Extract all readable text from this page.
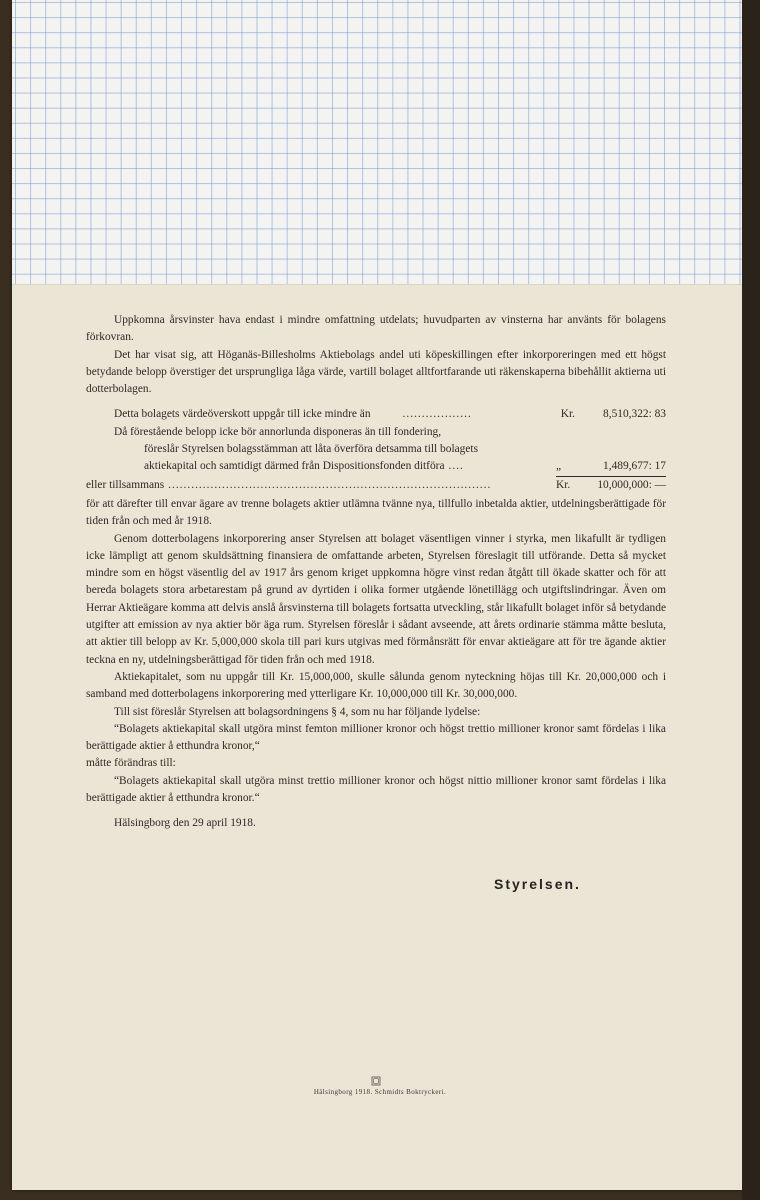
Uppkomna årsvinster hava endast i mindre omfattning utdelats; huvudparten av vinsterna har använts för bolagens förkovran.

Det har visat sig, att Höganäs-Billesholms Aktiebolags andel uti köpeskillingen efter inkorporeringen med ett högst betydande belopp överstiger det ursprungliga låga värde, vartill bolaget alltfortfarande uti räkenskaperna bibehållit aktierna uti dotterbolagen.

Detta bolagets värdeöverskott uppgår till icke mindre än	..................	Kr.	8,510,322: 83
Då förestående belopp icke bör annorlunda disponeras än till fondering,
föreslår Styrelsen bolagsstämman att låta överföra detsamma till bolagets
aktiekapital och samtidigt därmed från Dispositionsfonden ditföra ....	„	1,489,677: 17
eller tillsammans ....................................................................................	Kr. 10,000,000: —

för att därefter till envar ägare av trenne bolagets aktier utlämna tvänne nya, tillfullo inbetalda aktier, utdelningsberättigade för tiden från och med år 1918.

Genom dotterbolagens inkorporering anser Styrelsen att bolaget väsentligen vinner i styrka, men likafullt är tydligen icke lämpligt att genom skuldsättning finansiera de omfattande arbeten, Styrelsen föreslagit till utförande. Detta så mycket mindre som en högst väsentlig del av 1917 års genom kriget uppkomna högre vinst redan åtgått till ökade skatter och för att bereda bolagets stora arbetarestam på grund av dyrtiden i olika former utgående lönetillägg och utgiftslindringar. Även om Herrar Aktieägare komma att delvis anslå årsvinsterna till bolagets fortsatta utveckling, står likafullt bolaget inför så betydande utgifter att emission av nya aktier bör äga rum. Styrelsen föreslår i sådant avseende, att årets ordinarie stämma måtte besluta, att aktier till belopp av Kr. 5,000,000 skola till pari kurs utgivas med förmånsrätt för envar aktieägare att för tre ägande aktier teckna en ny, utdelningsberättigad för tiden från och med 1918.

Aktiekapitalet, som nu uppgår till Kr. 15,000,000, skulle sålunda genom nyteckning höjas till Kr. 20,000,000 och i samband med dotterbolagens inkorporering med ytterligare Kr. 10,000,000 till Kr. 30,000,000.

Till sist föreslår Styrelsen att bolagsordningens § 4, som nu har följande lydelse:

“Bolagets aktiekapital skall utgöra minst femton millioner kronor och högst trettio millioner kronor samt fördelas i lika berättigade aktier å etthundra kronor,“

måtte förändras till:

“Bolagets aktiekapital skall utgöra minst trettio millioner kronor och högst nittio millioner kronor samt fördelas i lika berättigade aktier å etthundra kronor.“

Hälsingborg den 29 april 1918.

Styrelsen.
Hälsingborg 1918. Schmidts Boktryckeri.
